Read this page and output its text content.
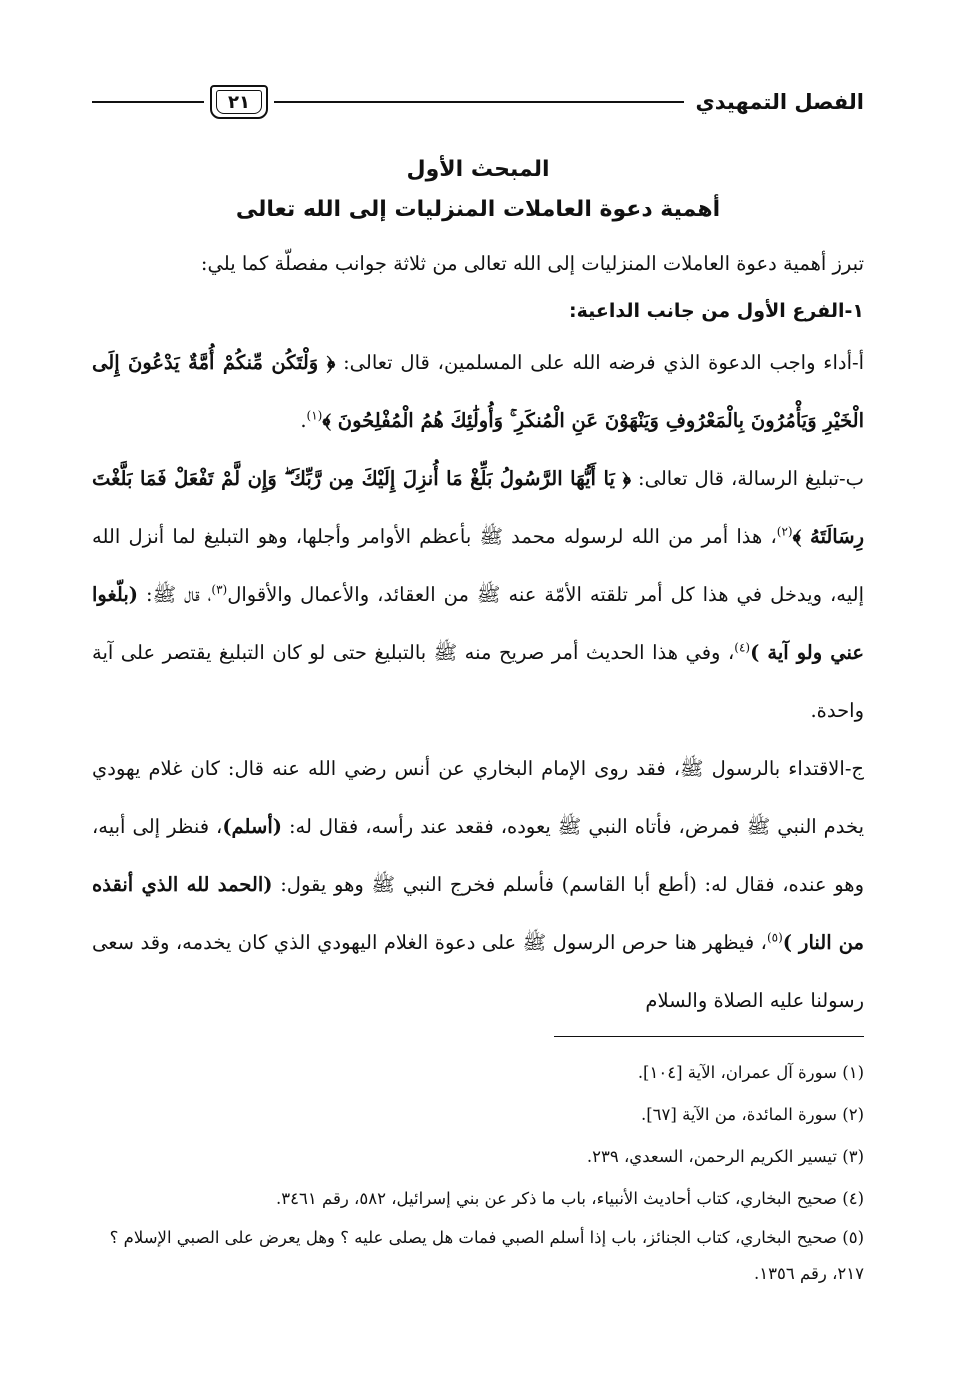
الفصل التمهيدي
٢١
المبحث الأول
أهمية دعوة العاملات المنزليات إلى الله تعالى

تبرز أهمية دعوة العاملات المنزليات إلى الله تعالى من ثلاثة جوانب مفصلّة كما يلي:

١-الفرع الأول من جانب الداعية:

أ-أداء واجب الدعوة الذي فرضه الله على المسلمين، قال تعالى: ﴿ وَلْتَكُن مِّنكُمْ أُمَّةٌ يَدْعُونَ إِلَى الْخَيْرِ وَيَأْمُرُونَ بِالْمَعْرُوفِ وَيَنْهَوْنَ عَنِ الْمُنكَرِ ۚ وَأُولَٰئِكَ هُمُ الْمُفْلِحُونَ ﴾$^{(١)}$.

ب-تبليغ الرسالة، قال تعالى: ﴿ يَا أَيُّهَا الرَّسُولُ بَلِّغْ مَا أُنزِلَ إِلَيْكَ مِن رَّبِّكَ ۖ وَإِن لَّمْ تَفْعَلْ فَمَا بَلَّغْتَ رِسَالَتَهُ ﴾$^{(٢)}$، هذا أمر من الله لرسوله محمد ﷺ بأعظم الأوامر وأجلها، وهو التبليغ لما أنزل الله إليه، ويدخل في هذا كل أمر تلقته الأمّة عنه ﷺ من العقائد، والأعمال والأقوال$^{(٣)}$، قال ﷺ: (بلّغوا عني ولو آية )$^{(٤)}$، وفي هذا الحديث أمر صريح منه ﷺ بالتبليغ حتى لو كان التبليغ يقتصر على آية واحدة.

ج-الاقتداء بالرسول ﷺ، فقد روى الإمام البخاري عن أنس رضي الله عنه قال: كان غلام يهودي يخدم النبي ﷺ فمرض، فأتاه النبي ﷺ يعوده، فقعد عند رأسه، فقال له: (أسلم)، فنظر إلى أبيه، وهو عنده، فقال له: (أطع أبا القاسم) فأسلم فخرج النبي ﷺ وهو يقول: (الحمد لله الذي أنقذه من النار )$^{(٥)}$، فيظهر هنا حرص الرسول ﷺ على دعوة الغلام اليهودي الذي كان يخدمه، وقد سعى رسولنا عليه الصلاة والسلام

(١) سورة آل عمران، الآية [١٠٤].

(٢) سورة المائدة، من الآية [٦٧].

(٣) تيسير الكريم الرحمن، السعدي، ٢٣٩.

(٤) صحيح البخاري، كتاب أحاديث الأنبياء، باب ما ذكر عن بني إسرائيل، ٥٨٢، رقم ٣٤٦١.

(٥) صحيح البخاري، كتاب الجنائز، باب إذا أسلم الصبي فمات هل يصلى عليه ؟ وهل يعرض على الصبي الإسلام ؟ ٢١٧، رقم ١٣٥٦.
